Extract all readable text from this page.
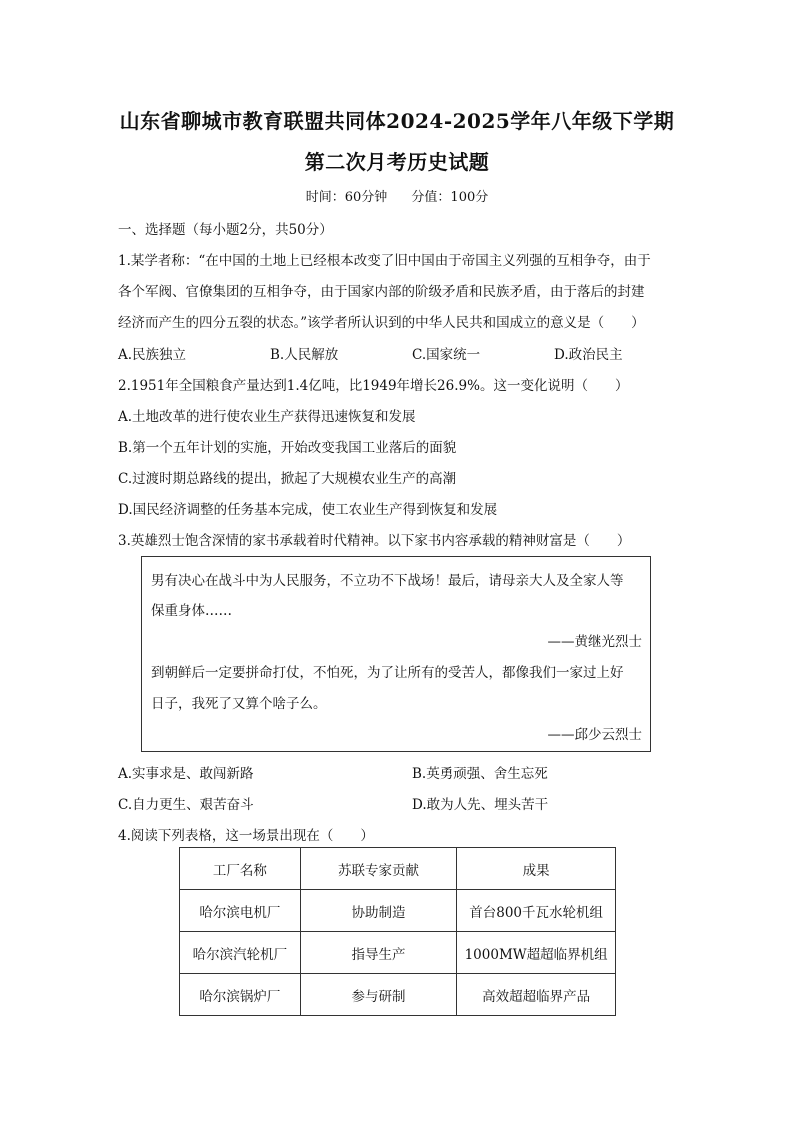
山东省聊城市教育联盟共同体2024-2025学年八年级下学期
第二次月考历史试题
时间：60分钟 分值：100分
一、选择题（每小题2分，共50分）
1.某学者称：“在中国的土地上已经根本改变了旧中国由于帝国主义列强的互相争夺，由于
各个军阀、官僚集团的互相争夺，由于国家内部的阶级矛盾和民族矛盾，由于落后的封建
经济而产生的四分五裂的状态。”该学者所认识到的中华人民共和国成立的意义是（　　）
A.民族独立	B.人民解放	C.国家统一	D.政治民主
2.1951年全国粮食产量达到1.4亿吨，比1949年增长26.9%。这一变化说明（　　）
A.土地改革的进行使农业生产获得迅速恢复和发展
B.第一个五年计划的实施，开始改变我国工业落后的面貌
C.过渡时期总路线的提出，掀起了大规模农业生产的高潮
D.国民经济调整的任务基本完成，使工农业生产得到恢复和发展
3.英雄烈士饱含深情的家书承载着时代精神。以下家书内容承载的精神财富是（　　）
男有决心在战斗中为人民服务，不立功不下战场！最后，请母亲大人及全家人等
保重身体……
——黄继光烈士
到朝鲜后一定要拼命打仗，不怕死，为了让所有的受苦人，都像我们一家过上好
日子，我死了又算个啥子么。
——邱少云烈士
A.实事求是、敢闯新路	B.英勇顽强、舍生忘死
C.自力更生、艰苦奋斗	D.敢为人先、埋头苦干
4.阅读下列表格，这一场景出现在（　　）
工厂名称	苏联专家贡献	成果
哈尔滨电机厂	协助制造	首台800千瓦水轮机组
哈尔滨汽轮机厂	指导生产	1000MW超超临界机组
哈尔滨锅炉厂	参与研制	高效超超临界产品
